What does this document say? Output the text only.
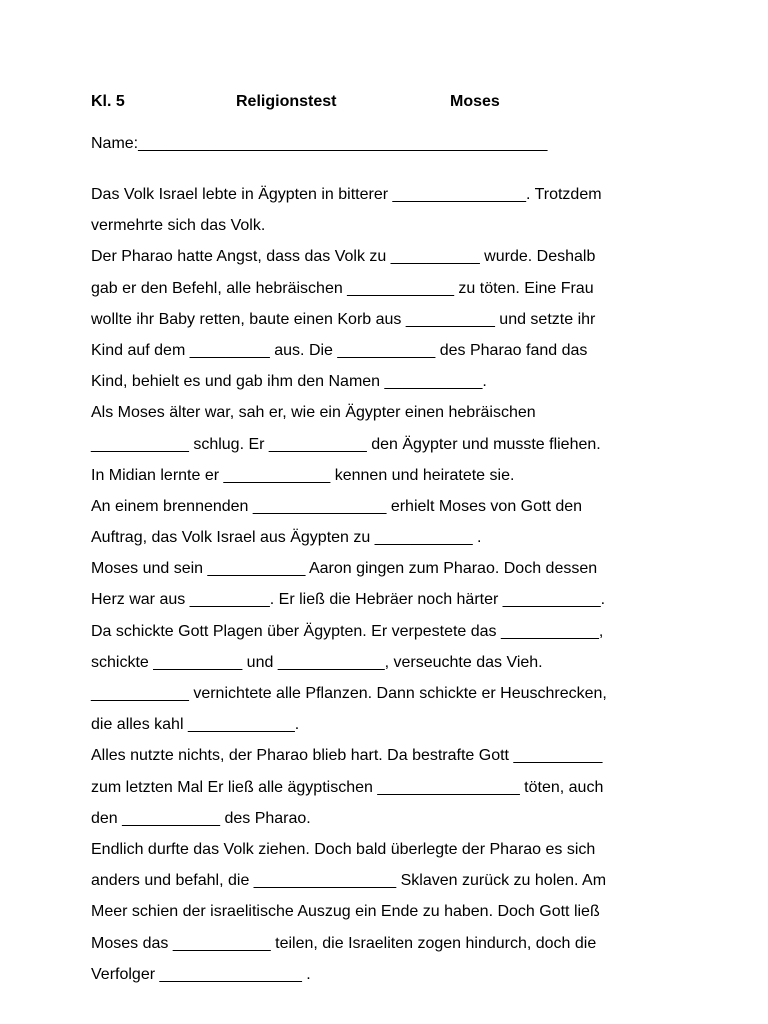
Kl. 5	Religionstest	Moses
Name:______________________________________________
Das Volk Israel lebte in Ägypten in bitterer _______________. Trotzdem
vermehrte sich das Volk.
Der Pharao hatte Angst, dass das Volk zu __________ wurde. Deshalb
gab er den Befehl, alle hebräischen ____________ zu töten. Eine Frau
wollte ihr Baby retten, baute einen Korb aus __________ und setzte ihr
Kind auf dem _________ aus. Die ___________ des Pharao fand das
Kind, behielt es und gab ihm den Namen ___________.
Als Moses älter war, sah er, wie ein Ägypter einen hebräischen
___________ schlug. Er ___________ den Ägypter und musste fliehen.
In Midian lernte er ____________ kennen und heiratete sie.
An einem brennenden _______________ erhielt Moses von Gott den
Auftrag, das Volk Israel aus Ägypten zu ___________ .
Moses und sein ___________ Aaron gingen zum Pharao. Doch dessen
Herz war aus _________. Er ließ die Hebräer noch härter ___________.
Da schickte Gott Plagen über Ägypten. Er verpestete das ___________,
schickte __________ und ____________, verseuchte das Vieh.
___________ vernichtete alle Pflanzen. Dann schickte er Heuschrecken,
die alles kahl ____________.
Alles nutzte nichts, der Pharao blieb hart. Da bestrafte Gott __________
zum letzten Mal Er ließ alle ägyptischen ________________ töten, auch
den ___________ des Pharao.
Endlich durfte das Volk ziehen. Doch bald überlegte der Pharao es sich
anders und befahl, die ________________ Sklaven zurück zu holen. Am
Meer schien der israelitische Auszug ein Ende zu haben. Doch Gott ließ
Moses das ___________ teilen, die Israeliten zogen hindurch, doch die
Verfolger ________________ .
